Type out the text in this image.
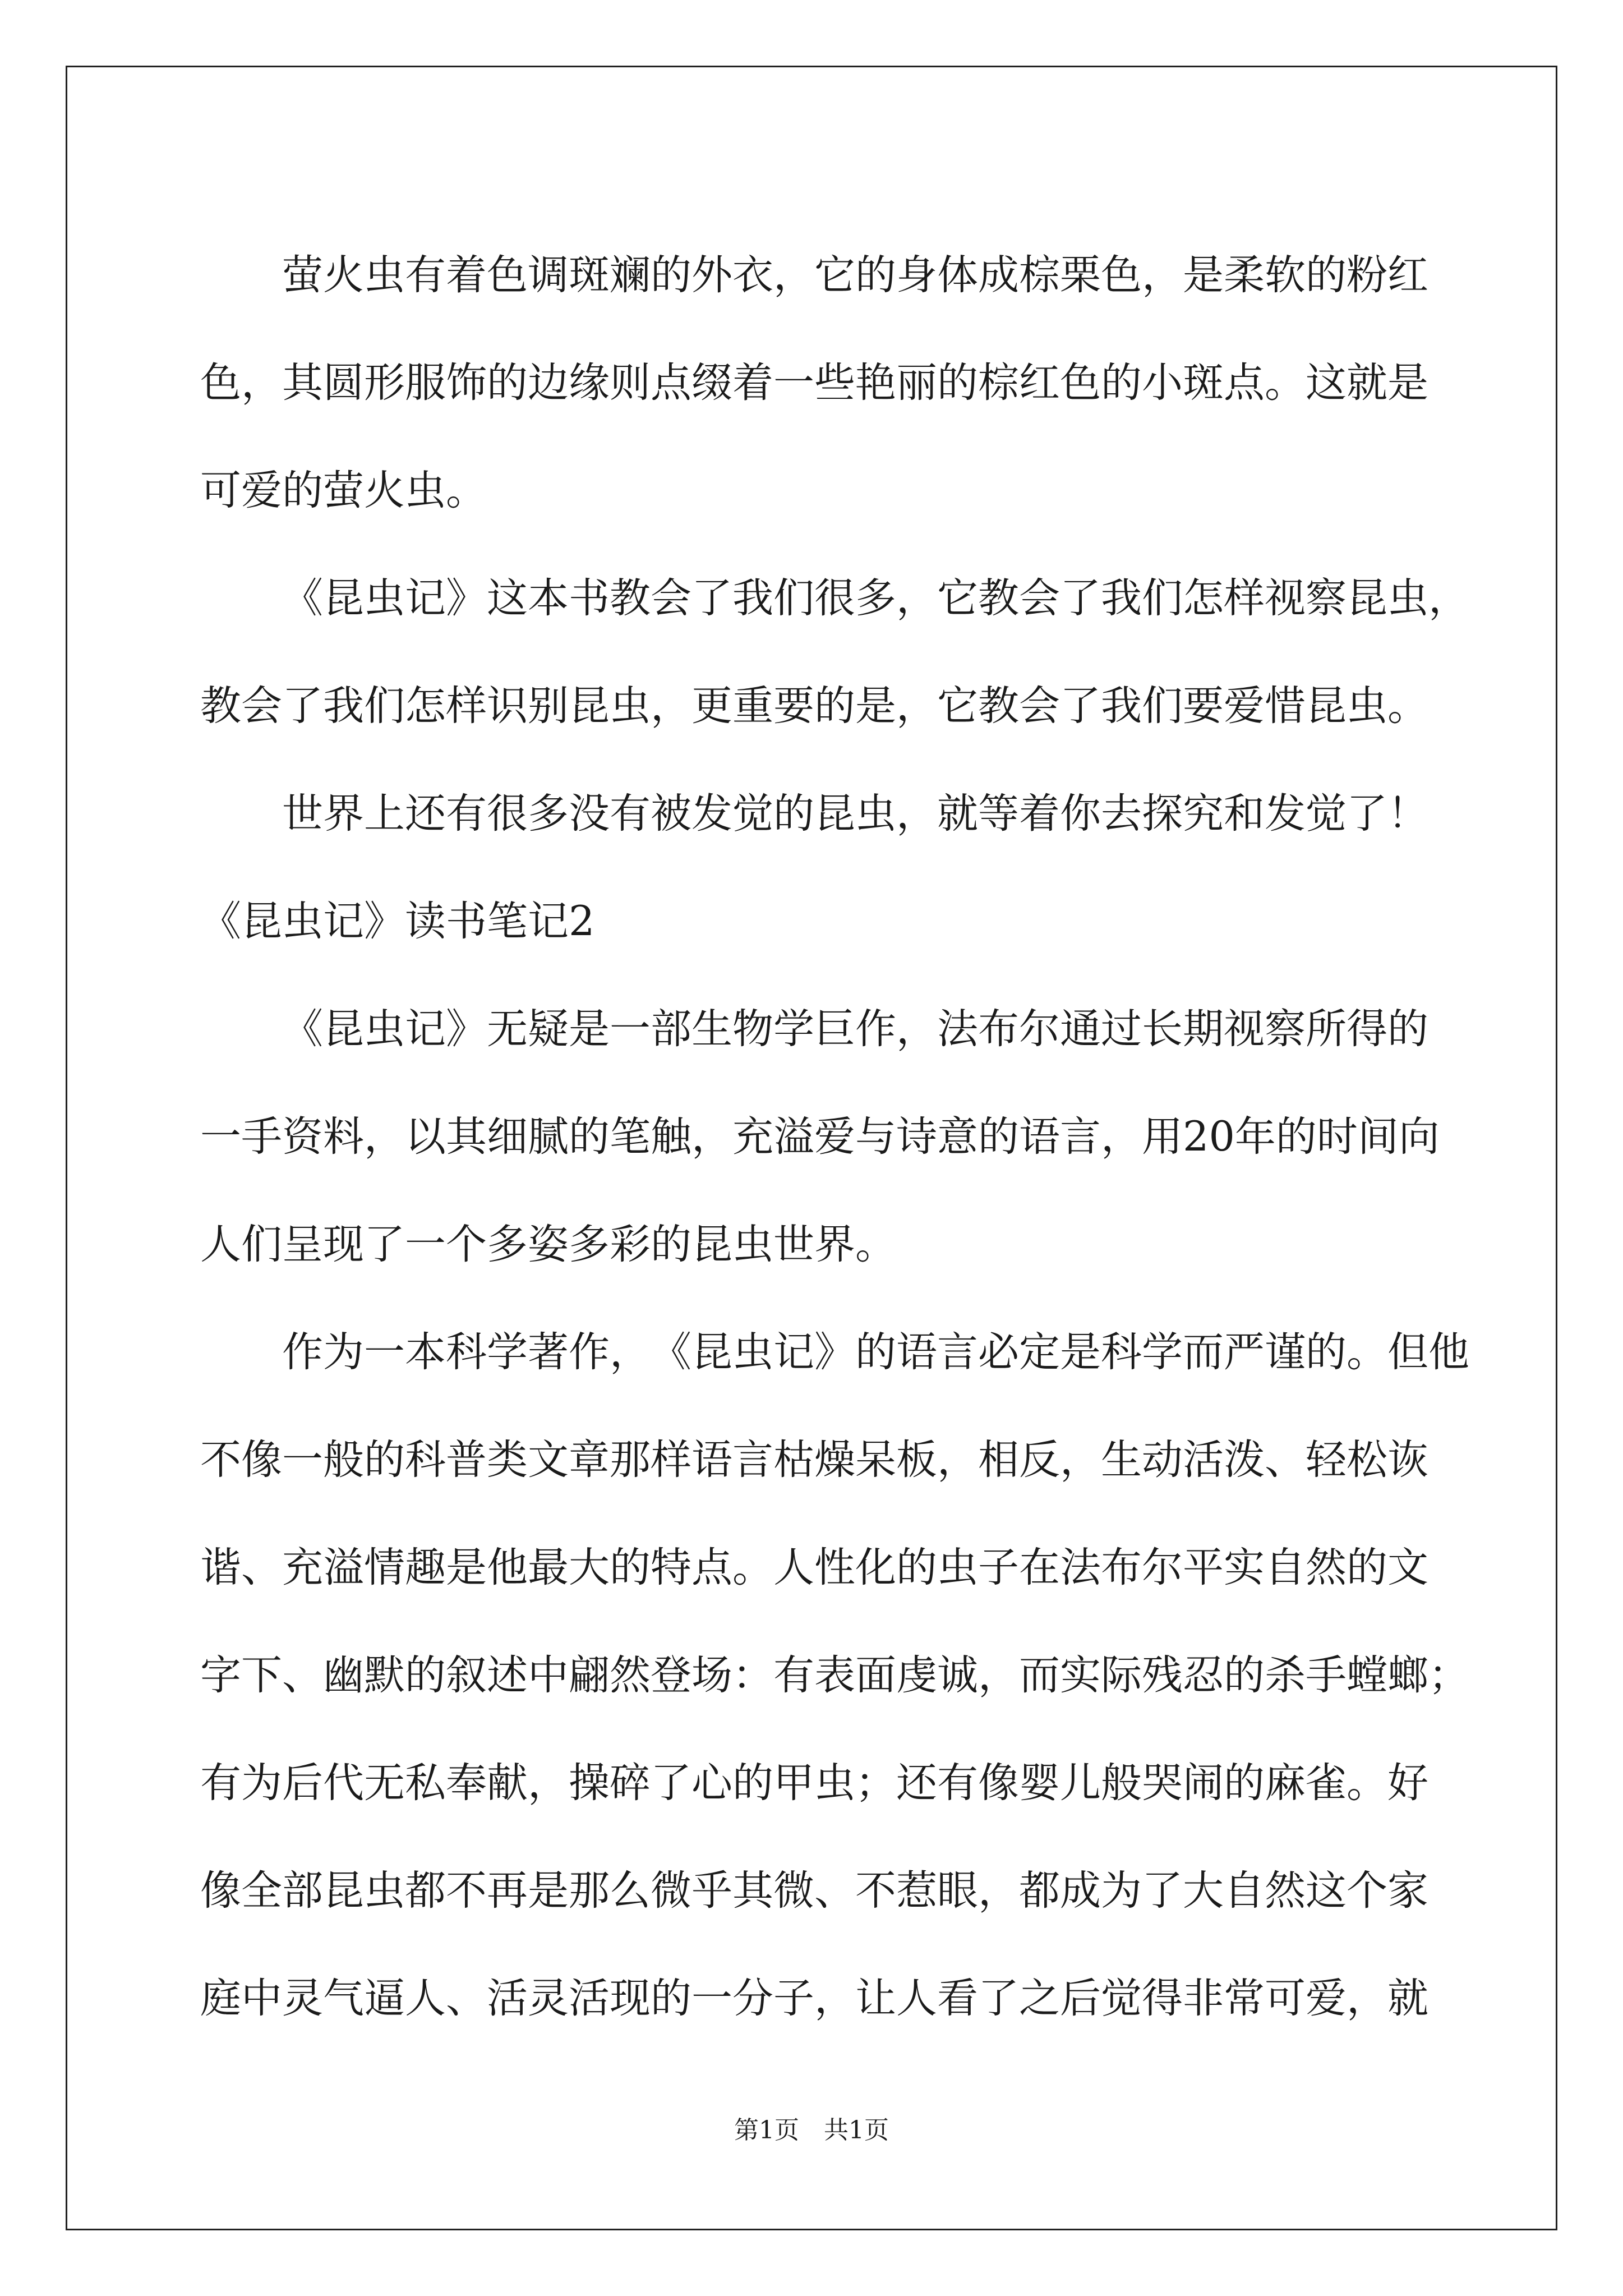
萤 火 虫 有 着 色 调 斑 斓 的 外 衣 ， 它 的 身 体 成 棕 栗 色 ， 是 柔 软 的 粉 红
色 ， 其 圆 形 服 饰 的 边 缘 则 点 缀 着 一 些 艳 丽 的 棕 红 色 的 小 斑 点 。 这 就 是
可 爱 的 萤 火 虫 。
《 昆 虫 记 》 这 本 书 教 会 了 我 们 很 多 ， 它 教 会 了 我 们 怎 样 视 察 昆 虫 ，
教 会 了 我 们 怎 样 识 别 昆 虫 ， 更 重 要 的 是 ， 它 教 会 了 我 们 要 爱 惜 昆 虫 。
世 界 上 还 有 很 多 没 有 被 发 觉 的 昆 虫 ， 就 等 着 你 去 探 究 和 发 觉 了 ！
《 昆 虫 记 》 读 书 笔 记 2
《 昆 虫 记 》 无 疑 是 一 部 生 物 学 巨 作 ， 法 布 尔 通 过 长 期 视 察 所 得 的
一 手 资 料 ， 以 其 细 腻 的 笔 触 ， 充 溢 爱 与 诗 意 的 语 言 ， 用 2 0 年 的 时 间 向
人 们 呈 现 了 一 个 多 姿 多 彩 的 昆 虫 世 界 。
作 为 一 本 科 学 著 作 ， 《 昆 虫 记 》 的 语 言 必 定 是 科 学 而 严 谨 的 。 但 他
不 像 一 般 的 科 普 类 文 章 那 样 语 言 枯 燥 呆 板 ， 相 反 ， 生 动 活 泼 、 轻 松 诙
谐 、 充 溢 情 趣 是 他 最 大 的 特 点 。 人 性 化 的 虫 子 在 法 布 尔 平 实 自 然 的 文
字 下 、 幽 默 的 叙 述 中 翩 然 登 场 ： 有 表 面 虔 诚 ， 而 实 际 残 忍 的 杀 手 螳 螂 ；
有 为 后 代 无 私 奉 献 ， 操 碎 了 心 的 甲 虫 ； 还 有 像 婴 儿 般 哭 闹 的 麻 雀 。 好
像 全 部 昆 虫 都 不 再 是 那 么 微 乎 其 微 、 不 惹 眼 ， 都 成 为 了 大 自 然 这 个 家
庭 中 灵 气 逼 人 、 活 灵 活 现 的 一 分 子 ， 让 人 看 了 之 后 觉 得 非 常 可 爱 ， 就
第1页 共1页
